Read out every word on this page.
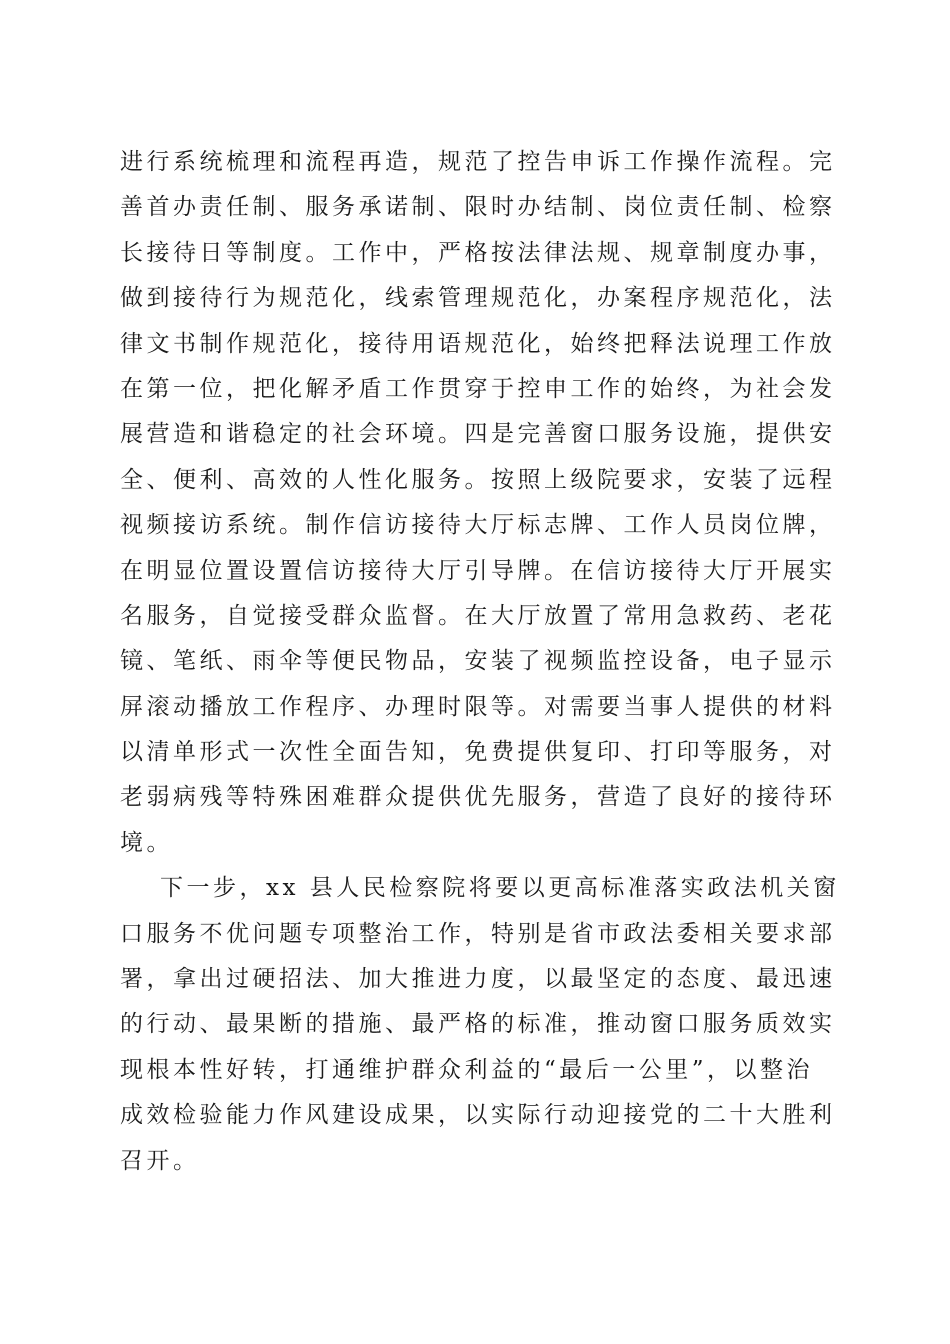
进行系统梳理和流程再造，规范了控告申诉工作操作流程。完
善首办责任制、服务承诺制、限时办结制、岗位责任制、检察
长接待日等制度。工作中，严格按法律法规、规章制度办事，
做到接待行为规范化，线索管理规范化，办案程序规范化，法
律文书制作规范化，接待用语规范化，始终把释法说理工作放
在第一位，把化解矛盾工作贯穿于控申工作的始终，为社会发
展营造和谐稳定的社会环境。四是完善窗口服务设施，提供安
全、便利、高效的人性化服务。按照上级院要求，安装了远程
视频接访系统。制作信访接待大厅标志牌、工作人员岗位牌，
在明显位置设置信访接待大厅引导牌。在信访接待大厅开展实
名服务，自觉接受群众监督。在大厅放置了常用急救药、老花
镜、笔纸、雨伞等便民物品，安装了视频监控设备，电子显示
屏滚动播放工作程序、办理时限等。对需要当事人提供的材料
以清单形式一次性全面告知，免费提供复印、打印等服务，对
老弱病残等特殊困难群众提供优先服务，营造了良好的接待环
境。
下一步，xx 县人民检察院将要以更高标准落实政法机关窗
口服务不优问题专项整治工作，特别是省市政法委相关要求部
署，拿出过硬招法、加大推进力度，以最坚定的态度、最迅速
的行动、最果断的措施、最严格的标准，推动窗口服务质效实
现根本性好转，打通维护群众利益的“最后一公里”，以整治
成效检验能力作风建设成果，以实际行动迎接党的二十大胜利
召开。
